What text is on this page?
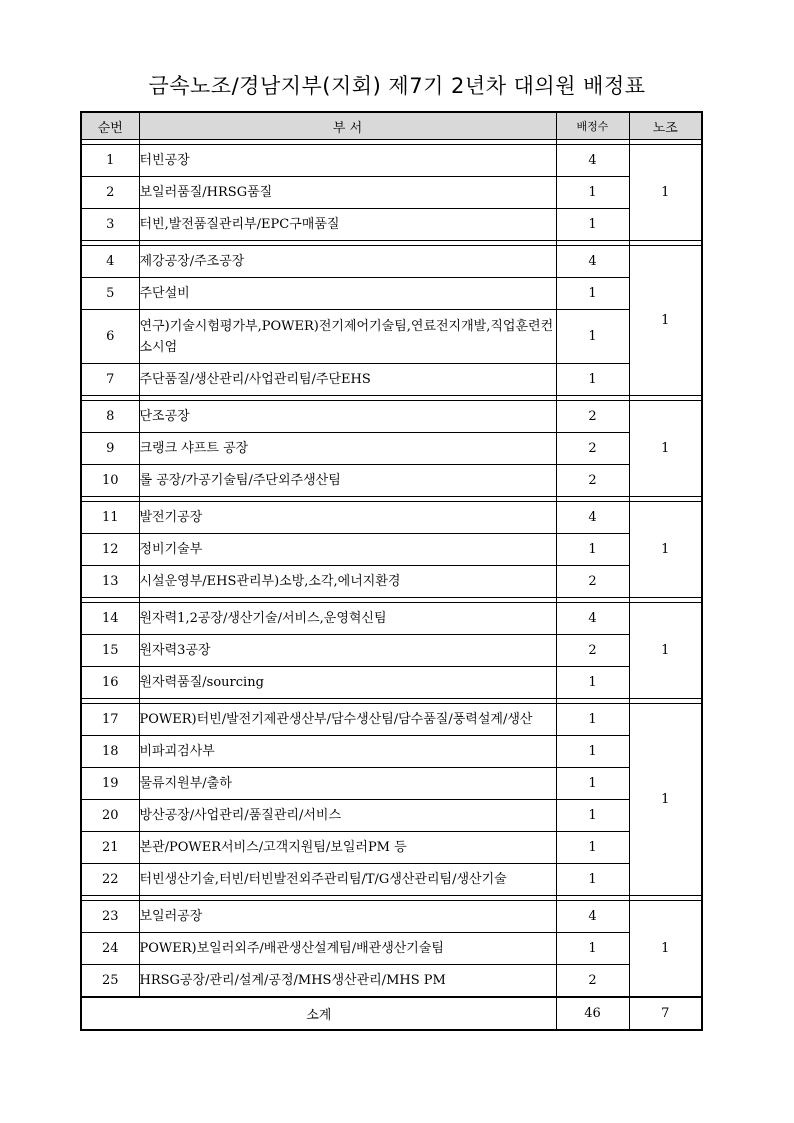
금속노조/경남지부(지회) 제7기 2년차 대의원 배정표
순번	부 서	배정수	노조

1	터빈공장	4	1
2	보일러품질/HRSG품질	1	
3	터빈,발전품질관리부/EPC구매품질	1	

4	제강공장/주조공장	4	1
5	주단설비	1	
6	연구)기술시험평가부,POWER)전기제어기술팀,연료전지개발,직업훈련컨소시엄	1	
7	주단품질/생산관리/사업관리팀/주단EHS	1	

8	단조공장	2	1
9	크랭크 샤프트 공장	2	
10	롤 공장/가공기술팀/주단외주생산팀	2	

11	발전기공장	4	1
12	정비기술부	1	
13	시설운영부/EHS관리부)소방,소각,에너지환경	2	

14	원자력1,2공장/생산기술/서비스,운영혁신팀	4	1
15	원자력3공장	2	
16	원자력품질/sourcing	1	

17	POWER)터빈/발전기제관생산부/담수생산팀/담수품질/풍력설계/생산	1	1
18	비파괴검사부	1	
19	물류지원부/출하	1	
20	방산공장/사업관리/품질관리/서비스	1	
21	본관/POWER서비스/고객지원팀/보일러PM 등	1	
22	터빈생산기술,터빈/터빈발전외주관리팀/T/G생산관리팀/생산기술	1	

23	보일러공장	4	1
24	POWER)보일러외주/배관생산설계팀/배관생산기술팀	1	
25	HRSG공장/관리/설계/공정/MHS생산관리/MHS PM	2	
소계		46	7
